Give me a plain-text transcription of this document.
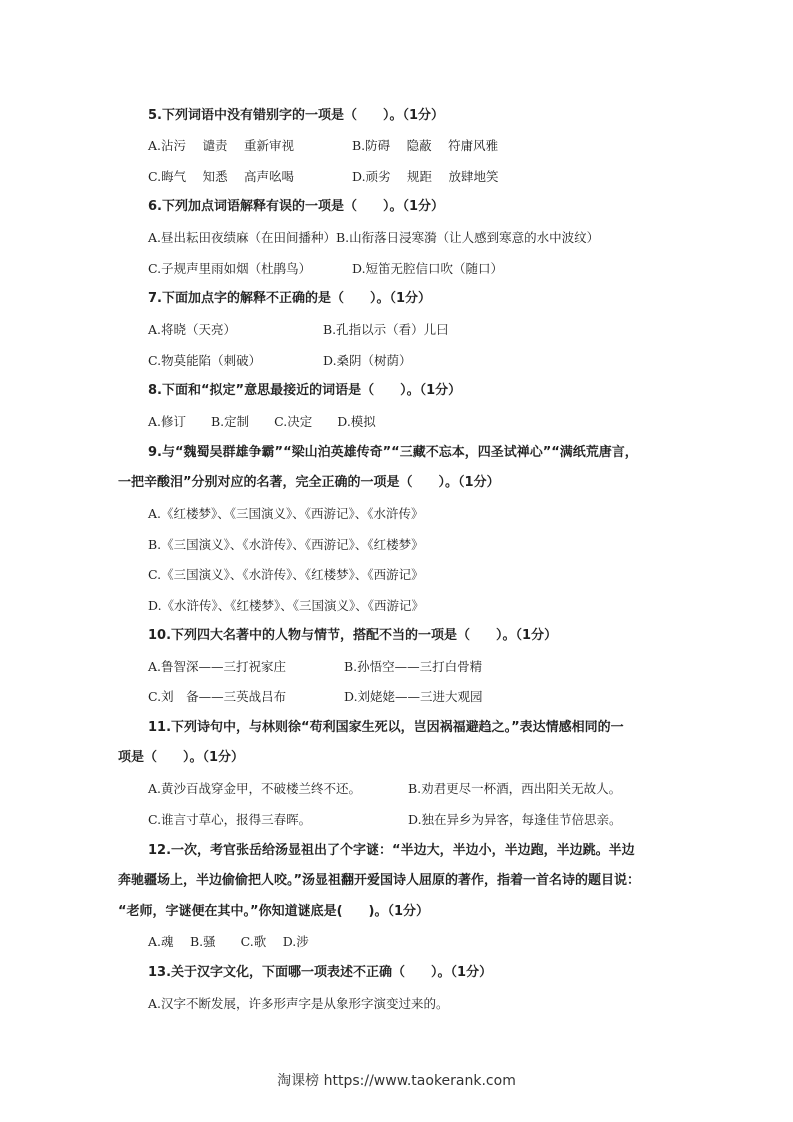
5.下列词语中没有错别字的一项是（　　）。（1分）
A.沾污　 谴责　 重新审视	B.防碍　 隐蔽　 符庸风雅
C.晦气　 知悉　 高声吆喝	D.顽劣　 规距　 放肆地笑
6.下列加点词语解释有误的一项是（　　）。（1分）
A.昼出耘田夜绩麻（在田间播种）B.山衔落日浸寒漪（让人感到寒意的水中波纹）
C.子规声里雨如烟（杜鹃鸟）	D.短笛无腔信口吹（随口）
7.下面加点字的解释不正确的是（　　）。（1分）
A.将晓（天亮）	B.孔指以示（看）儿曰
C.物莫能陷（刺破）	D.桑阴（树荫）
8.下面和“拟定”意思最接近的词语是（　　）。（1分）
A.修订　　B.定制　　C.决定　　D.模拟
9.与“魏蜀吴群雄争霸”“梁山泊英雄传奇”“三藏不忘本，四圣试禅心”“满纸荒唐言，
一把辛酸泪”分别对应的名著，完全正确的一项是（　　）。（1分）
A.《红楼梦》、《三国演义》、《西游记》、《水浒传》
B.《三国演义》、《水浒传》、《西游记》、《红楼梦》
C.《三国演义》、《水浒传》、《红楼梦》、《西游记》
D.《水浒传》、《红楼梦》、《三国演义》、《西游记》
10.下列四大名著中的人物与情节，搭配不当的一项是（　　）。（1分）
A.鲁智深——三打祝家庄	B.孙悟空——三打白骨精
C.刘　备——三英战吕布	D.刘姥姥——三进大观园
11.下列诗句中，与林则徐“苟利国家生死以，岂因祸福避趋之。”表达情感相同的一
项是（　　）。（1分）
A.黄沙百战穿金甲，不破楼兰终不还。	B.劝君更尽一杯酒，西出阳关无故人。
C.谁言寸草心，报得三春晖。	D.独在异乡为异客，每逢佳节倍思亲。
12.一次，考官张岳给汤显祖出了个字谜：“半边大，半边小，半边跑，半边跳。半边
奔驰疆场上，半边偷偷把人咬。”汤显祖翻开爱国诗人屈原的著作，指着一首名诗的题目说：
“老师，字谜便在其中。”你知道谜底是(　　)。（1分）
A.魂　 B.骚　　C.歌　 D.涉
13.关于汉字文化，下面哪一项表述不正确（　　）。（1分）
A.汉字不断发展，许多形声字是从象形字演变过来的。
淘课榜 https://www.taokerank.com
